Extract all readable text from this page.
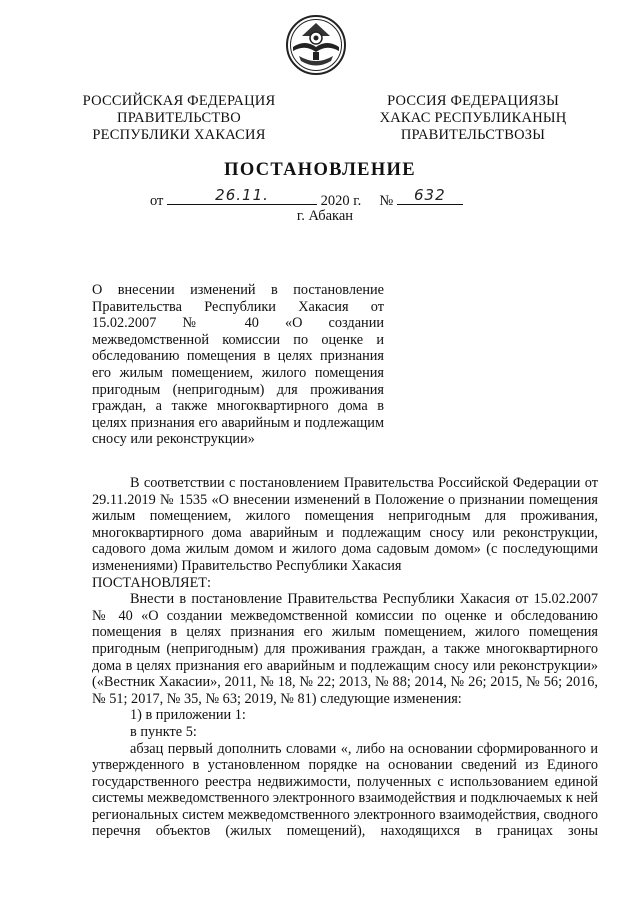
РОССИЙСКАЯ ФЕДЕРАЦИЯ
ПРАВИТЕЛЬСТВО
РЕСПУБЛИКИ ХАКАСИЯ
РОССИЯ ФЕДЕРАЦИЯЗЫ
ХАКАС РЕСПУБЛИКАНЫҢ
ПРАВИТЕЛЬСТВОЗЫ
ПОСТАНОВЛЕНИЕ
от	26.11.	2020 г. №	632
г. Абакан
О внесении изменений в постановление Правительства Республики Хакасия от 15.02.2007 № 40 «О создании межведомственной комиссии по оценке и обследованию помещения в целях признания его жилым помещением, жилого помещения пригодным (непригодным) для проживания граждан, а также многоквартирного дома в целях признания его аварийным и подлежащим сносу или реконструкции»

В соответствии с постановлением Правительства Российской Федерации от 29.11.2019 № 1535 «О внесении изменений в Положение о признании помещения жилым помещением, жилого помещения непригодным для проживания, многоквартирного дома аварийным и подлежащим сносу или реконструкции, садового дома жилым домом и жилого дома садовым домом» (с последующими изменениями) Правительство Республики Хакасия

ПОСТАНОВЛЯЕТ:

Внести в постановление Правительства Республики Хакасия от 15.02.2007 № 40 «О создании межведомственной комиссии по оценке и обследованию помещения в целях признания его жилым помещением, жилого помещения пригодным (непригодным) для проживания граждан, а также многоквартирного дома в целях признания его аварийным и подлежащим сносу или реконструкции» («Вестник Хакасии», 2011, № 18, № 22; 2013, № 88; 2014, № 26; 2015, № 56; 2016, № 51; 2017, № 35, № 63; 2019, № 81) следующие изменения:

1) в приложении 1:

в пункте 5:

абзац первый дополнить словами «, либо на основании сформированного и утвержденного в установленном порядке на основании сведений из Единого государственного реестра недвижимости, полученных с использованием единой системы межведомственного электронного взаимодействия и подключаемых к ней региональных систем межведомственного электронного взаимодействия, сводного перечня объектов (жилых помещений), находящихся в границах зоны
